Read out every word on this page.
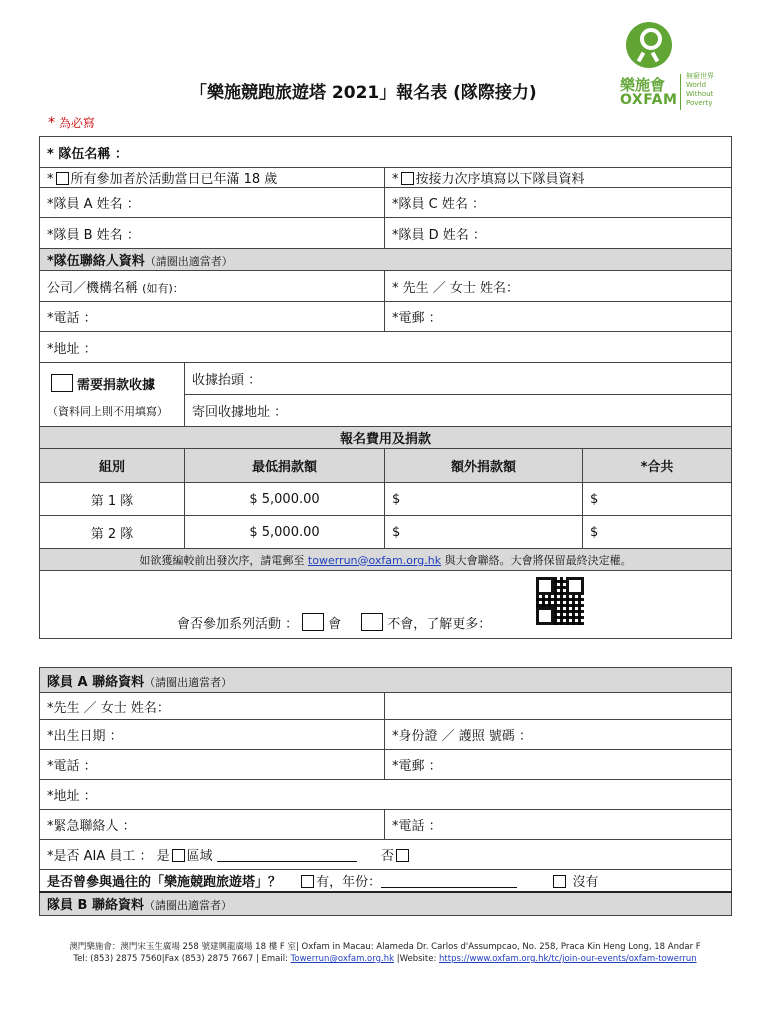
「樂施競跑旅遊塔 2021」報名表 (隊際接力)
* 為必寫
樂施會
OXFAM
無窮世界
World Without Poverty
* 隊伍名稱 ：			
* 所有參加者於活動當日已年滿 18 歲		* 按接力次序填寫以下隊員資料	
*隊員 A 姓名 ：		*隊員 C 姓名 ：	
*隊員 B 姓名 ：		*隊員 D 姓名 ：	
*隊伍聯絡人資料（請圈出適當者）			
公司／機構名稱 (如有)：		* 先生 ／ 女士 姓名：	
*電話 ：		*電郵 ：	
*地址 ：			

需要捐款收據
（資料同上則不用填寫）	收據抬頭 ：		
	寄回收據地址 ：		
報名費用及捐款			
組別	最低捐款額	額外捐款額	*合共
第 1 隊	$ 5,000.00	$	$
第 2 隊	$ 5,000.00	$	$
如欲獲編較前出發次序，請電郵至 towerrun@oxfam.org.hk 與大會聯絡。大會將保留最終決定權。			

會否參加系列活動 ： 會 不會，了解更多：			
隊員 A 聯絡資料（請圈出適當者）	
*先生 ／ 女士 姓名：	
*出生日期 ：	*身份證 ／ 護照 號碼 ：
*電話 ：	*電郵 ：
*地址 ：	
*緊急聯絡人 ：	*電話 ：
*是否 AIA 員工 ： 是 區域 否	
是否曾參與過往的「樂施競跑旅遊塔」？ 有，年份： 沒有	
隊員 B 聯絡資料（請圈出適當者）	
澳門樂施會：澳門宋玉生廣場 258 號建興龍廣場 18 樓 F 室| Oxfam in Macau: Alameda Dr. Carlos d'Assumpcao, No. 258, Praca Kin Heng Long, 18 Andar F
Tel: (853) 2875 7560|Fax (853) 2875 7667 | Email: Towerrun@oxfam.org.hk |Website: https://www.oxfam.org.hk/tc/join-our-events/oxfam-towerrun
